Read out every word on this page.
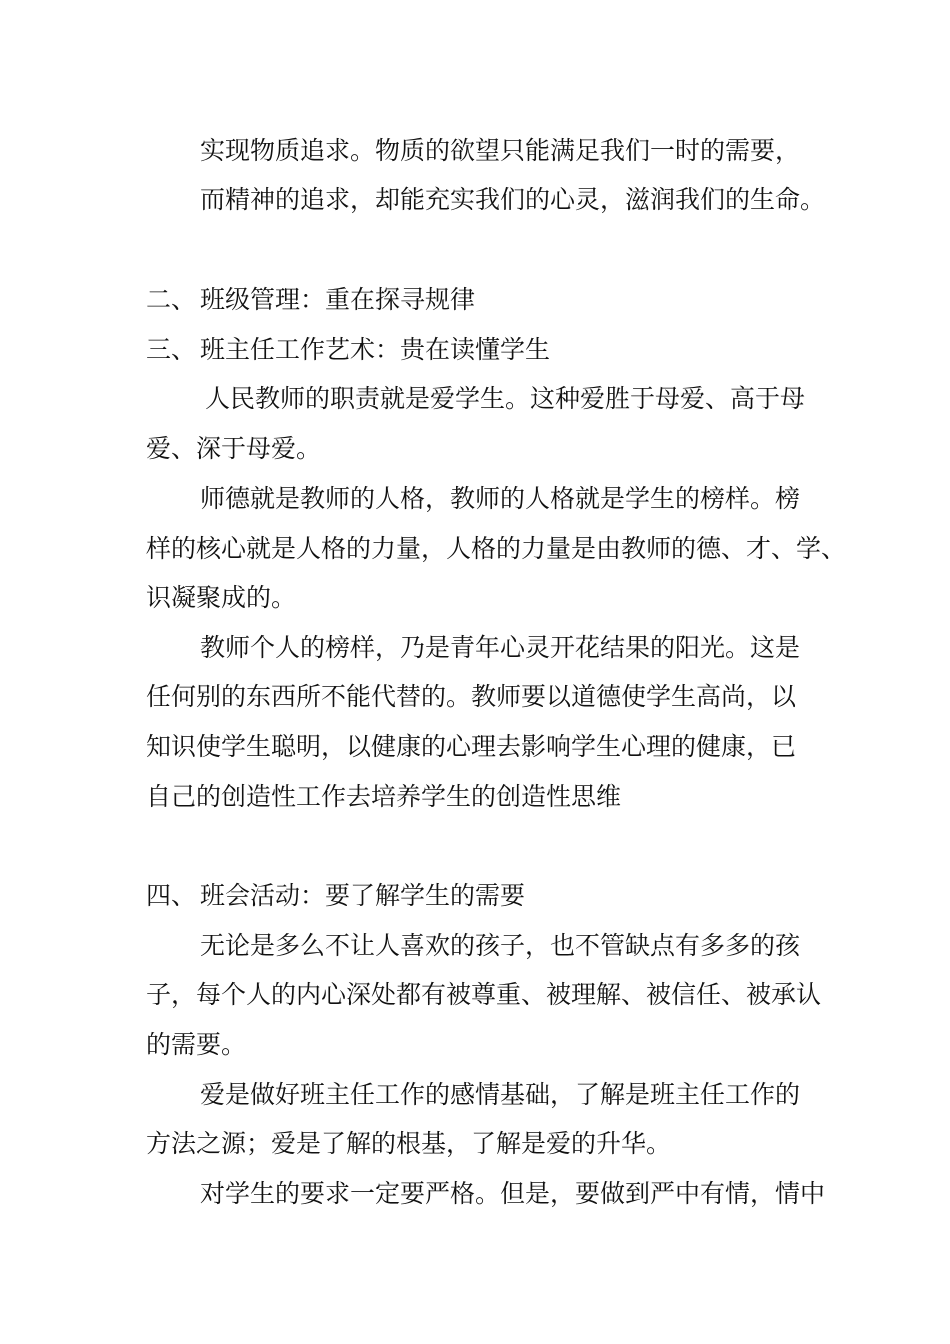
实现物质追求。物质的欲望只能满足我们一时的需要，
而精神的追求，却能充实我们的心灵，滋润我们的生命。
二、 班级管理：重在探寻规律
三、 班主任工作艺术：贵在读懂学生
人民教师的职责就是爱学生。这种爱胜于母爱、高于母
爱、深于母爱。
师德就是教师的人格，教师的人格就是学生的榜样。榜
样的核心就是人格的力量，人格的力量是由教师的德、才、学、
识凝聚成的。
教师个人的榜样，乃是青年心灵开花结果的阳光。这是
任何别的东西所不能代替的。教师要以道德使学生高尚，以
知识使学生聪明，以健康的心理去影响学生心理的健康，已
自己的创造性工作去培养学生的创造性思维
四、 班会活动：要了解学生的需要
无论是多么不让人喜欢的孩子，也不管缺点有多多的孩
子，每个人的内心深处都有被尊重、被理解、被信任、被承认
的需要。
爱是做好班主任工作的感情基础，了解是班主任工作的
方法之源；爱是了解的根基，了解是爱的升华。
对学生的要求一定要严格。但是，要做到严中有情，情中
